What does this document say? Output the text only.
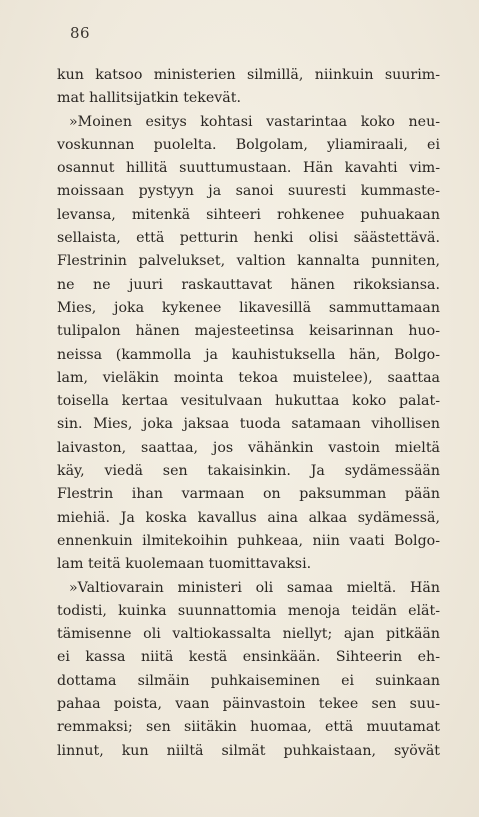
86
kun katsoo ministerien silmillä, niinkuin suurim-
mat hallitsijatkin tekevät.
»Moinen esitys kohtasi vastarintaa koko neu-
voskunnan puolelta. Bolgolam, yliamiraali, ei
osannut hillitä suuttumustaan. Hän kavahti vim-
moissaan pystyyn ja sanoi suuresti kummaste-
levansa, mitenkä sihteeri rohkenee puhuakaan
sellaista, että petturin henki olisi säästettävä.
Flestrinin palvelukset, valtion kannalta punniten,
ne ne juuri raskauttavat hänen rikoksiansa.
Mies, joka kykenee likavesillä sammuttamaan
tulipalon hänen majesteetinsa keisarinnan huo-
neissa (kammolla ja kauhistuksella hän, Bolgo-
lam, vieläkin mointa tekoa muistelee), saattaa
toisella kertaa vesitulvaan hukuttaa koko palat-
sin. Mies, joka jaksaa tuoda satamaan vihollisen
laivaston, saattaa, jos vähänkin vastoin mieltä
käy, viedä sen takaisinkin. Ja sydämessään
Flestrin ihan varmaan on paksumman pään
miehiä. Ja koska kavallus aina alkaa sydämessä,
ennenkuin ilmitekoihin puhkeaa, niin vaati Bolgo-
lam teitä kuolemaan tuomittavaksi.
»Valtiovarain ministeri oli samaa mieltä. Hän
todisti, kuinka suunnattomia menoja teidän elät-
tämisenne oli valtiokassalta niellyt; ajan pitkään
ei kassa niitä kestä ensinkään. Sihteerin eh-
dottama silmäin puhkaiseminen ei suinkaan
pahaa poista, vaan päinvastoin tekee sen suu-
remmaksi; sen siitäkin huomaa, että muutamat
linnut, kun niiltä silmät puhkaistaan, syövät
